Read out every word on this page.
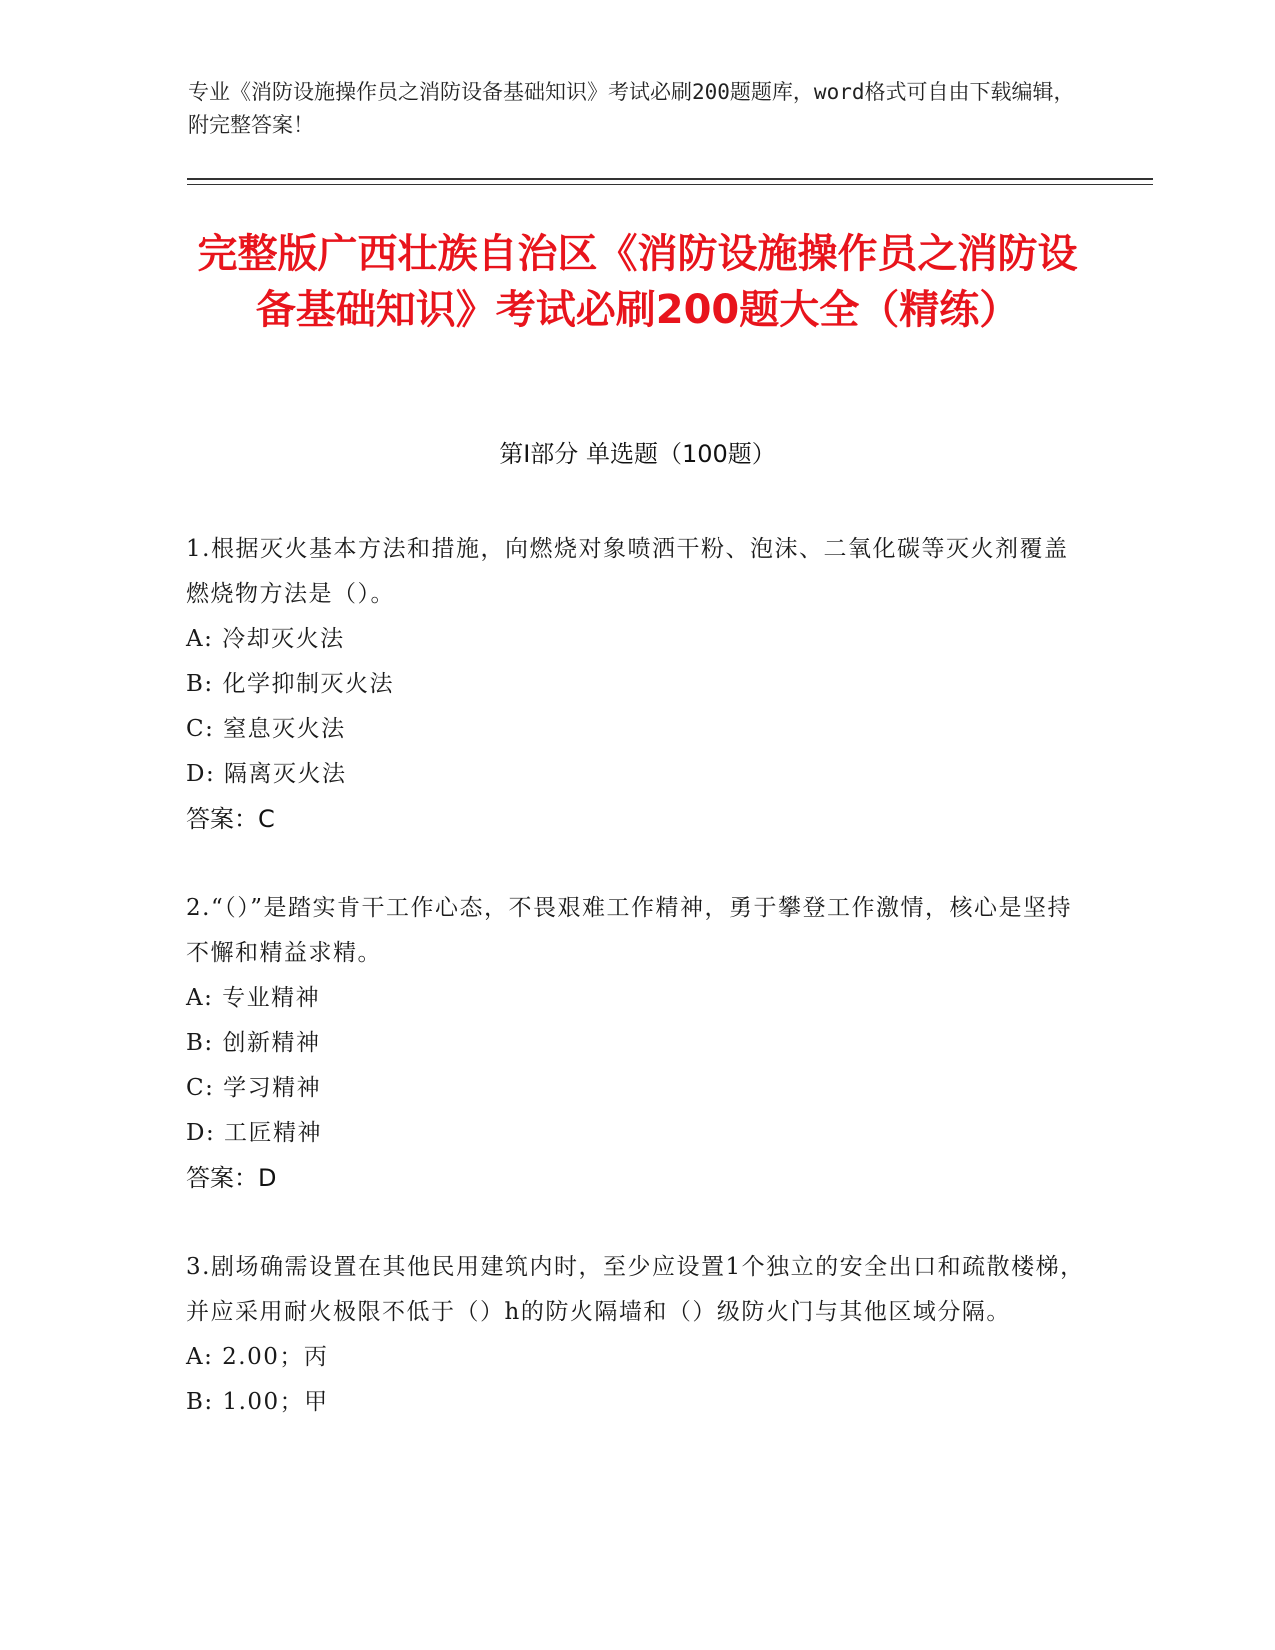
专业《消防设施操作员之消防设备基础知识》考试必刷200题题库，word格式可自由下载编辑，附完整答案！
完整版广西壮族自治区《消防设施操作员之消防设备基础知识》考试必刷200题大全（精练）
第Ⅰ部分 单选题（100题）
1.根据灭火基本方法和措施，向燃烧对象喷洒干粉、泡沫、二氧化碳等灭火剂覆盖燃烧物方法是（）。
A: 冷却灭火法
B: 化学抑制灭火法
C: 窒息灭火法
D: 隔离灭火法
答案：C
2.“（）”是踏实肯干工作心态，不畏艰难工作精神，勇于攀登工作激情，核心是坚持不懈和精益求精。
A: 专业精神
B: 创新精神
C: 学习精神
D: 工匠精神
答案：D
3.剧场确需设置在其他民用建筑内时，至少应设置1个独立的安全出口和疏散楼梯，并应采用耐火极限不低于（）h的防火隔墙和（）级防火门与其他区域分隔。
A: 2.00；丙
B: 1.00；甲
